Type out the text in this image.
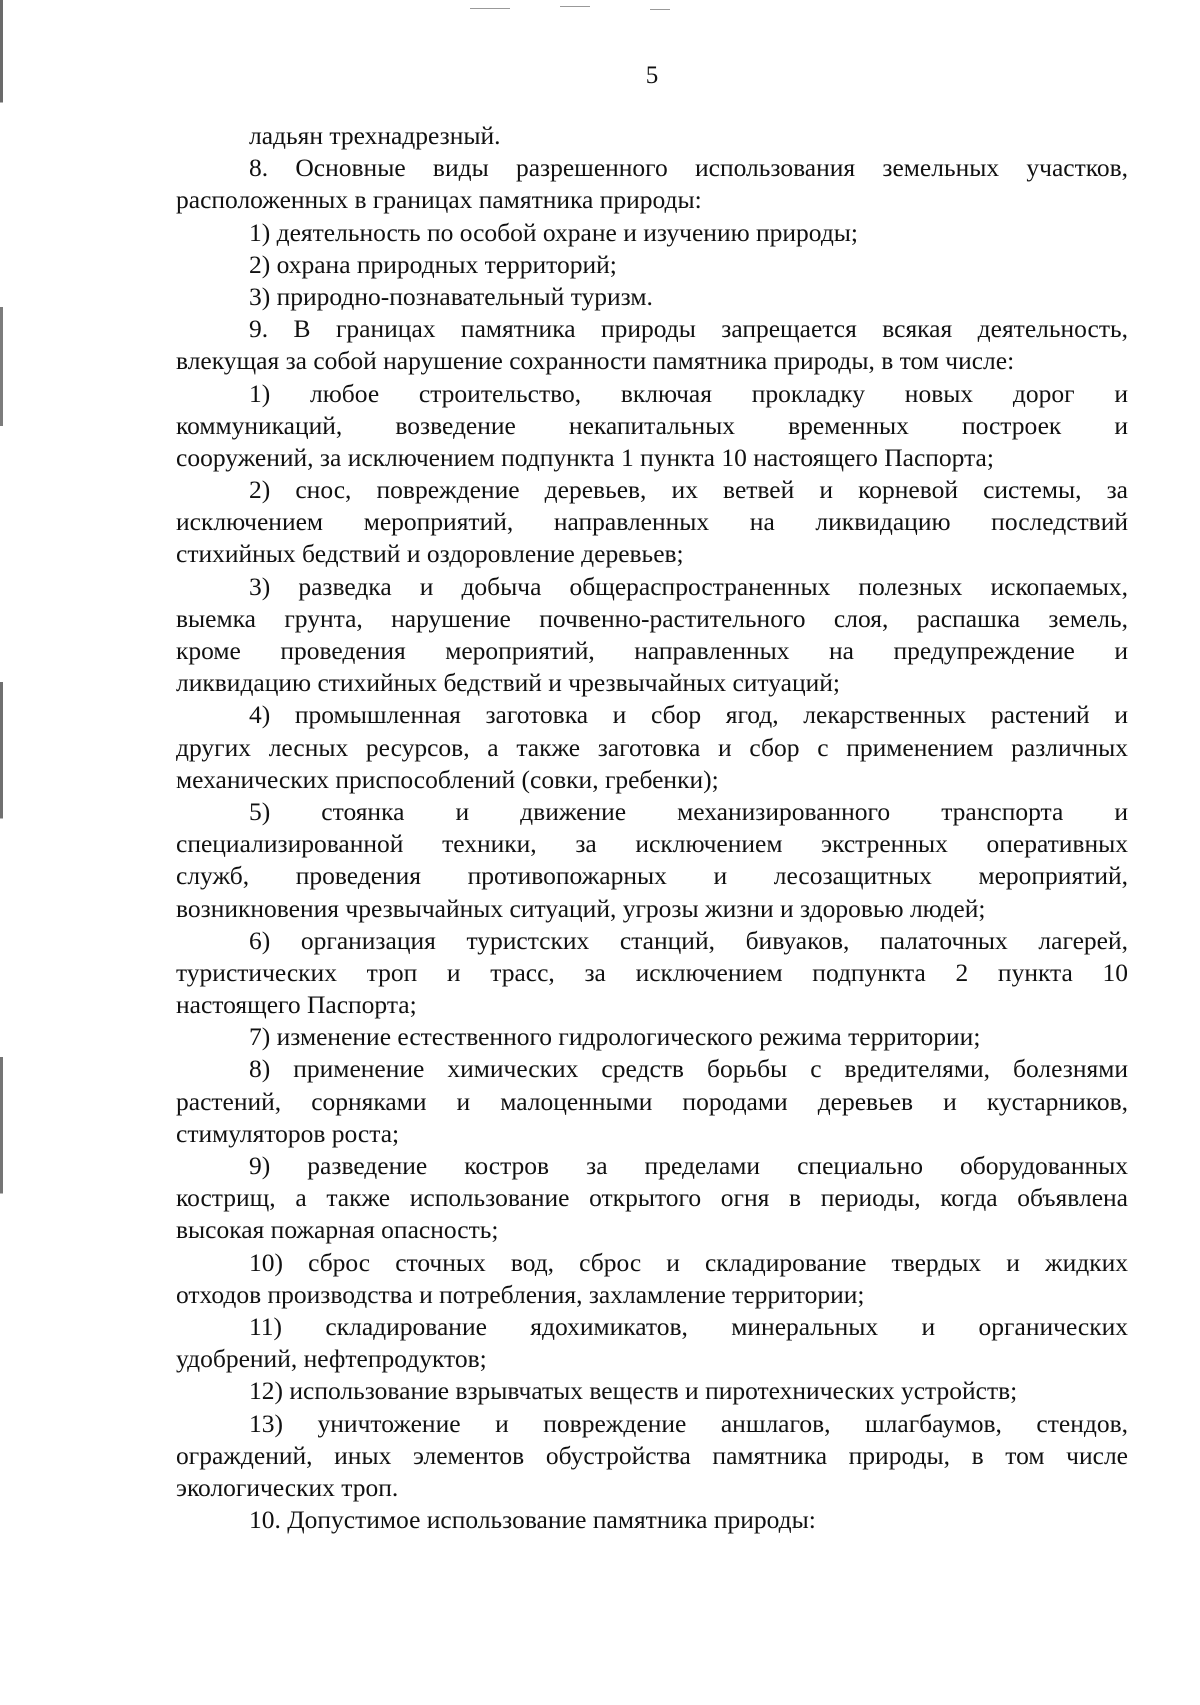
5
ладьян трехнадрезный.
8. Основные виды разрешенного использования земельных участков,
расположенных в границах памятника природы:
1) деятельность по особой охране и изучению природы;
2) охрана природных территорий;
3) природно-познавательный туризм.
9. В границах памятника природы запрещается всякая деятельность,
влекущая за собой нарушение сохранности памятника природы, в том числе:
1) любое строительство, включая прокладку новых дорог и
коммуникаций, возведение некапитальных временных построек и
сооружений, за исключением подпункта 1 пункта 10 настоящего Паспорта;
2) снос, повреждение деревьев, их ветвей и корневой системы, за
исключением мероприятий, направленных на ликвидацию последствий
стихийных бедствий и оздоровление деревьев;
3) разведка и добыча общераспространенных полезных ископаемых,
выемка грунта, нарушение почвенно-растительного слоя, распашка земель,
кроме проведения мероприятий, направленных на предупреждение и
ликвидацию стихийных бедствий и чрезвычайных ситуаций;
4) промышленная заготовка и сбор ягод, лекарственных растений и
других лесных ресурсов, а также заготовка и сбор с применением различных
механических приспособлений (совки, гребенки);
5) стоянка и движение механизированного транспорта и
специализированной техники, за исключением экстренных оперативных
служб, проведения противопожарных и лесозащитных мероприятий,
возникновения чрезвычайных ситуаций, угрозы жизни и здоровью людей;
6) организация туристских станций, бивуаков, палаточных лагерей,
туристических троп и трасс, за исключением подпункта 2 пункта 10
настоящего Паспорта;
7) изменение естественного гидрологического режима территории;
8) применение химических средств борьбы с вредителями, болезнями
растений, сорняками и малоценными породами деревьев и кустарников,
стимуляторов роста;
9) разведение костров за пределами специально оборудованных
кострищ, а также использование открытого огня в периоды, когда объявлена
высокая пожарная опасность;
10) сброс сточных вод, сброс и складирование твердых и жидких
отходов производства и потребления, захламление территории;
11) складирование ядохимикатов, минеральных и органических
удобрений, нефтепродуктов;
12) использование взрывчатых веществ и пиротехнических устройств;
13) уничтожение и повреждение аншлагов, шлагбаумов, стендов,
ограждений, иных элементов обустройства памятника природы, в том числе
экологических троп.
10. Допустимое использование памятника природы:
